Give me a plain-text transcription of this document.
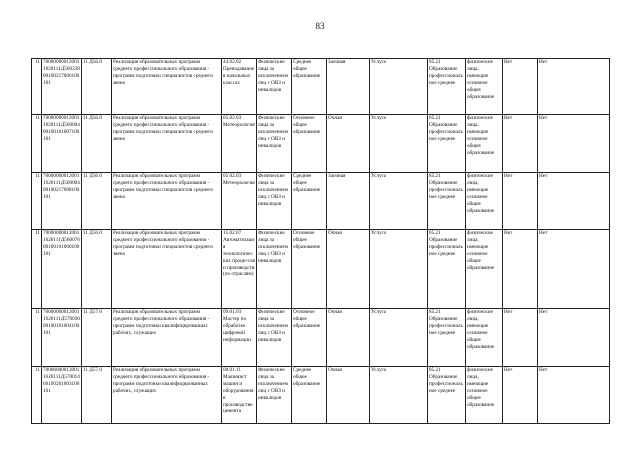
83
11	700000000120011620111Д56023800100217006100101	11 Д56.0	Реализация образовательных программ среднего профессионального образования - программ подготовки специалистов среднего звена	44.02.02 Преподавание в начальных классах	Физические лица за исключением лиц с ОВЗ и инвалидов	Среднее общее образование	Заочная	Услуга	85.21 Образование профессиональное среднее	физические лица, имеющие основное общее образование	Нет	Нет
11	700000000120011620111Д56000400100101007100101	11 Д56.0	Реализация образовательных программ среднего профессионального образования - программ подготовки специалистов среднего звена	05.02.03 Метеорология	Физические лица за исключением лиц с ОВЗ и инвалидов	Основное общее образование	Очная	Услуга	85.21 Образование профессиональное среднее	физические лица, имеющие основное общее образование	Нет	Нет
11	700000000120011620111Д56000400100217008100101	11 Д56.0	Реализация образовательных программ среднего профессионального образования - программ подготовки специалистов среднего звена	05.02.03 Метеорология	Физические лица за исключением лиц с ОВЗ и инвалидов	Среднее общее образование	Заочная	Услуга	85.21 Образование профессиональное среднее	физические лица, имеющие основное общее образование	Нет	Нет
11	700000000120011620111Д56007600100101000100101	11 Д56.0	Реализация образовательных программ среднего профессионального образования - программ подготовки специалистов среднего звена	15.02.07 Автоматизация технологических процессов и производств (по отраслям)	Физические лица за исключением лиц с ОВЗ и инвалидов	Основное общее образование	Очная	Услуга	85.21 Образование профессиональное среднее	физические лица, имеющие основное общее образование	Нет	Нет
11	700000000120011620111Д57003000100101004100101	11 Д57.0	Реализация образовательных программ среднего профессионального образования - программ подготовки квалифицированных рабочих, служащих	09.01.03 Мастер по обработке цифровой информации	Физические лица за исключением лиц с ОВЗ и инвалидов	Основное общее образование	Очная	Услуга	85.21 Образование профессиональное среднее	физические лица, имеющие основное общее образование	Нет	Нет
11	700000000120011620111Д57001400100201003100101	11 Д57.0	Реализация образовательных программ среднего профессионального образования - программ подготовки квалифицированных рабочих, служащих	08.01.11 Машинист машин и оборудования в производстве цемента	Физические лица за исключением лиц с ОВЗ и инвалидов	Среднее общее образование	Очная	Услуга	85.21 Образование профессиональное среднее	физические лица, имеющие основное общее образование	Нет	Нет
